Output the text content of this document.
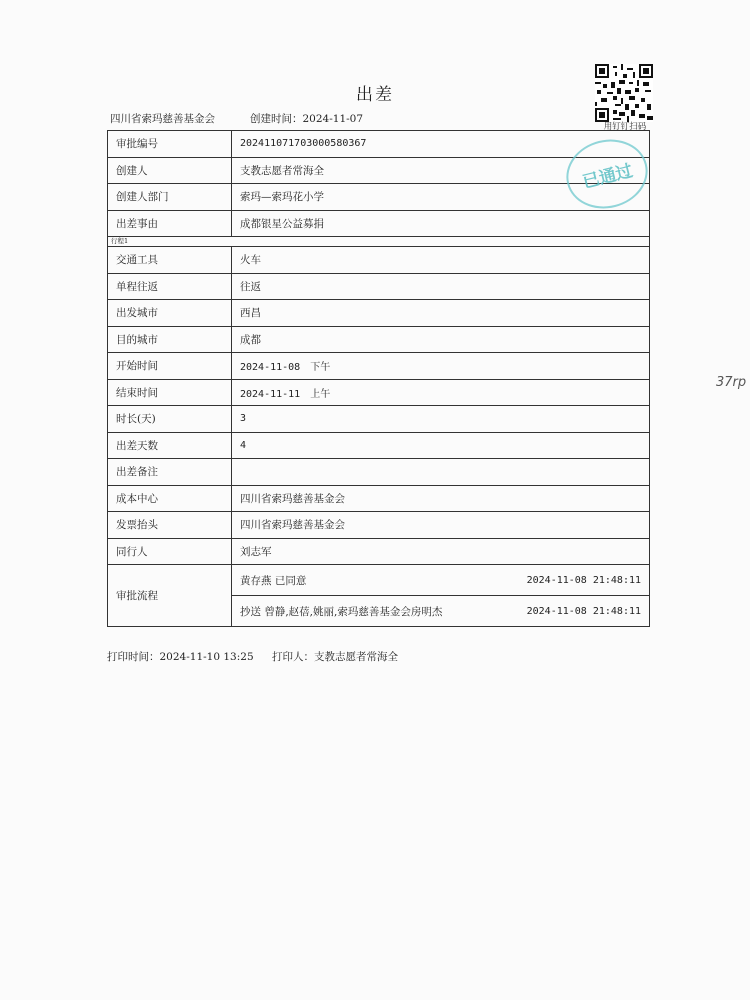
出差
用钉钉扫码
四川省索玛慈善基金会	创建时间：2024-11-07
审批编号	202411071703000580367
创建人	支教志愿者常海全
创建人部门	索玛—索玛花小学
出差事由	成都银星公益募捐
行程1	
交通工具	火车
单程往返	往返
出发城市	西昌
目的城市	成都
开始时间	2024-11-08　下午
结束时间	2024-11-11　上午
时长(天)	3
出差天数	4
出差备注	
成本中心	四川省索玛慈善基金会
发票抬头	四川省索玛慈善基金会
同行人	刘志军
审批流程	黄存燕 已同意 2024-11-08 21:48:11
抄送 曾静,赵蓓,姚丽,索玛慈善基金会房明杰 2024-11-08 21:48:11
已通过
打印时间：2024-11-10 13:25 打印人：支教志愿者常海全
37rp
